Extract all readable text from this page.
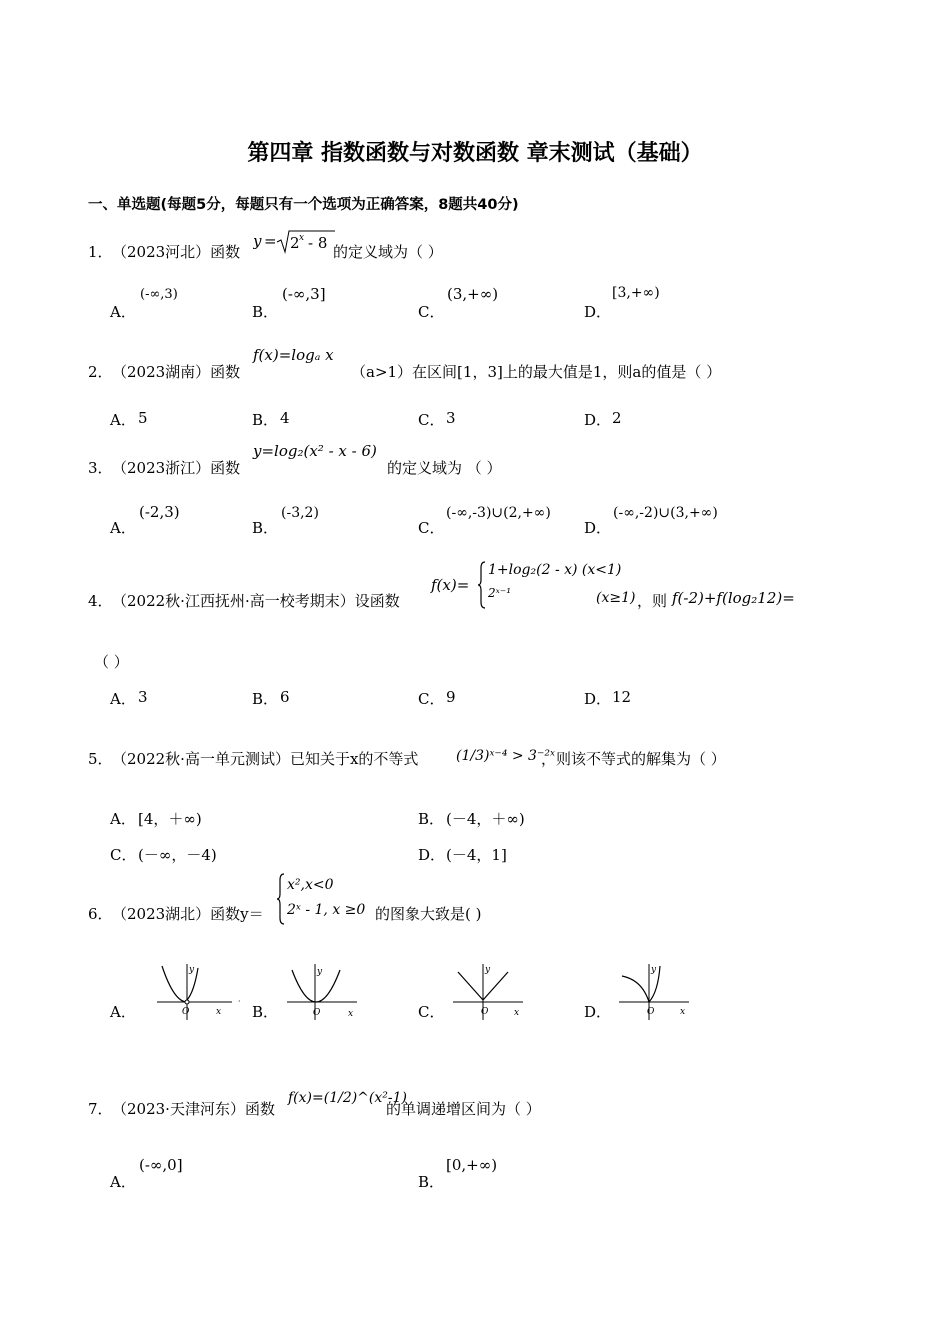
第四章 指数函数与对数函数 章末测试（基础）
一、单选题(每题5分，每题只有一个选项为正确答案，8题共40分)
1． （2023河北）函数
y = 2 x - 8 的定义域为（ ）
A．
(-∞,3)
B．
(-∞,3]
C．
(3,+∞)
D．
[3,+∞)
2． （2023湖南）函数
f(x)=logₐ x
（a>1）在区间[1，3]上的最大值是1，则a的值是（ ）
A． 5	B． 4	C． 3	D． 2
3． （2023浙江）函数
y=log₂(x² - x - 6)
的定义域为 （ ）
A．
(-2,3)
B．
(-3,2)
C．
(-∞,-3)∪(2,+∞)
D．
(-∞,-2)∪(3,+∞)
4． （2022秋·江西抚州·高一校考期末）设函数
f(x)=
1+log₂(2 - x) (x<1)
2ˣ⁻¹	(x≥1) ，则 f(-2)+f(log₂12)=
（ ）
A． 3	B． 6	C． 9	D． 12
5． （2022秋·高一单元测试）已知关于x的不等式	(1/3)ˣ⁻⁴ > 3⁻²ˣ
，则该不等式的解集为（ ）
A． [4，＋∞)	B． (－4，＋∞)
C． (－∞，－4)	D． (－4，1]
6． （2023湖北）函数y＝
x²,x<0
2ˣ - 1, x ≥0 的图象大致是( )
A．	B．	C．	D．
y
x
O
·
y
x
O
y
x
O
y
x
O
7． （2023·天津河东）函数
f(x)=(1/2)^(x²-1)
的单调递增区间为（ ）
A．
(-∞,0]
B．
[0,+∞)
